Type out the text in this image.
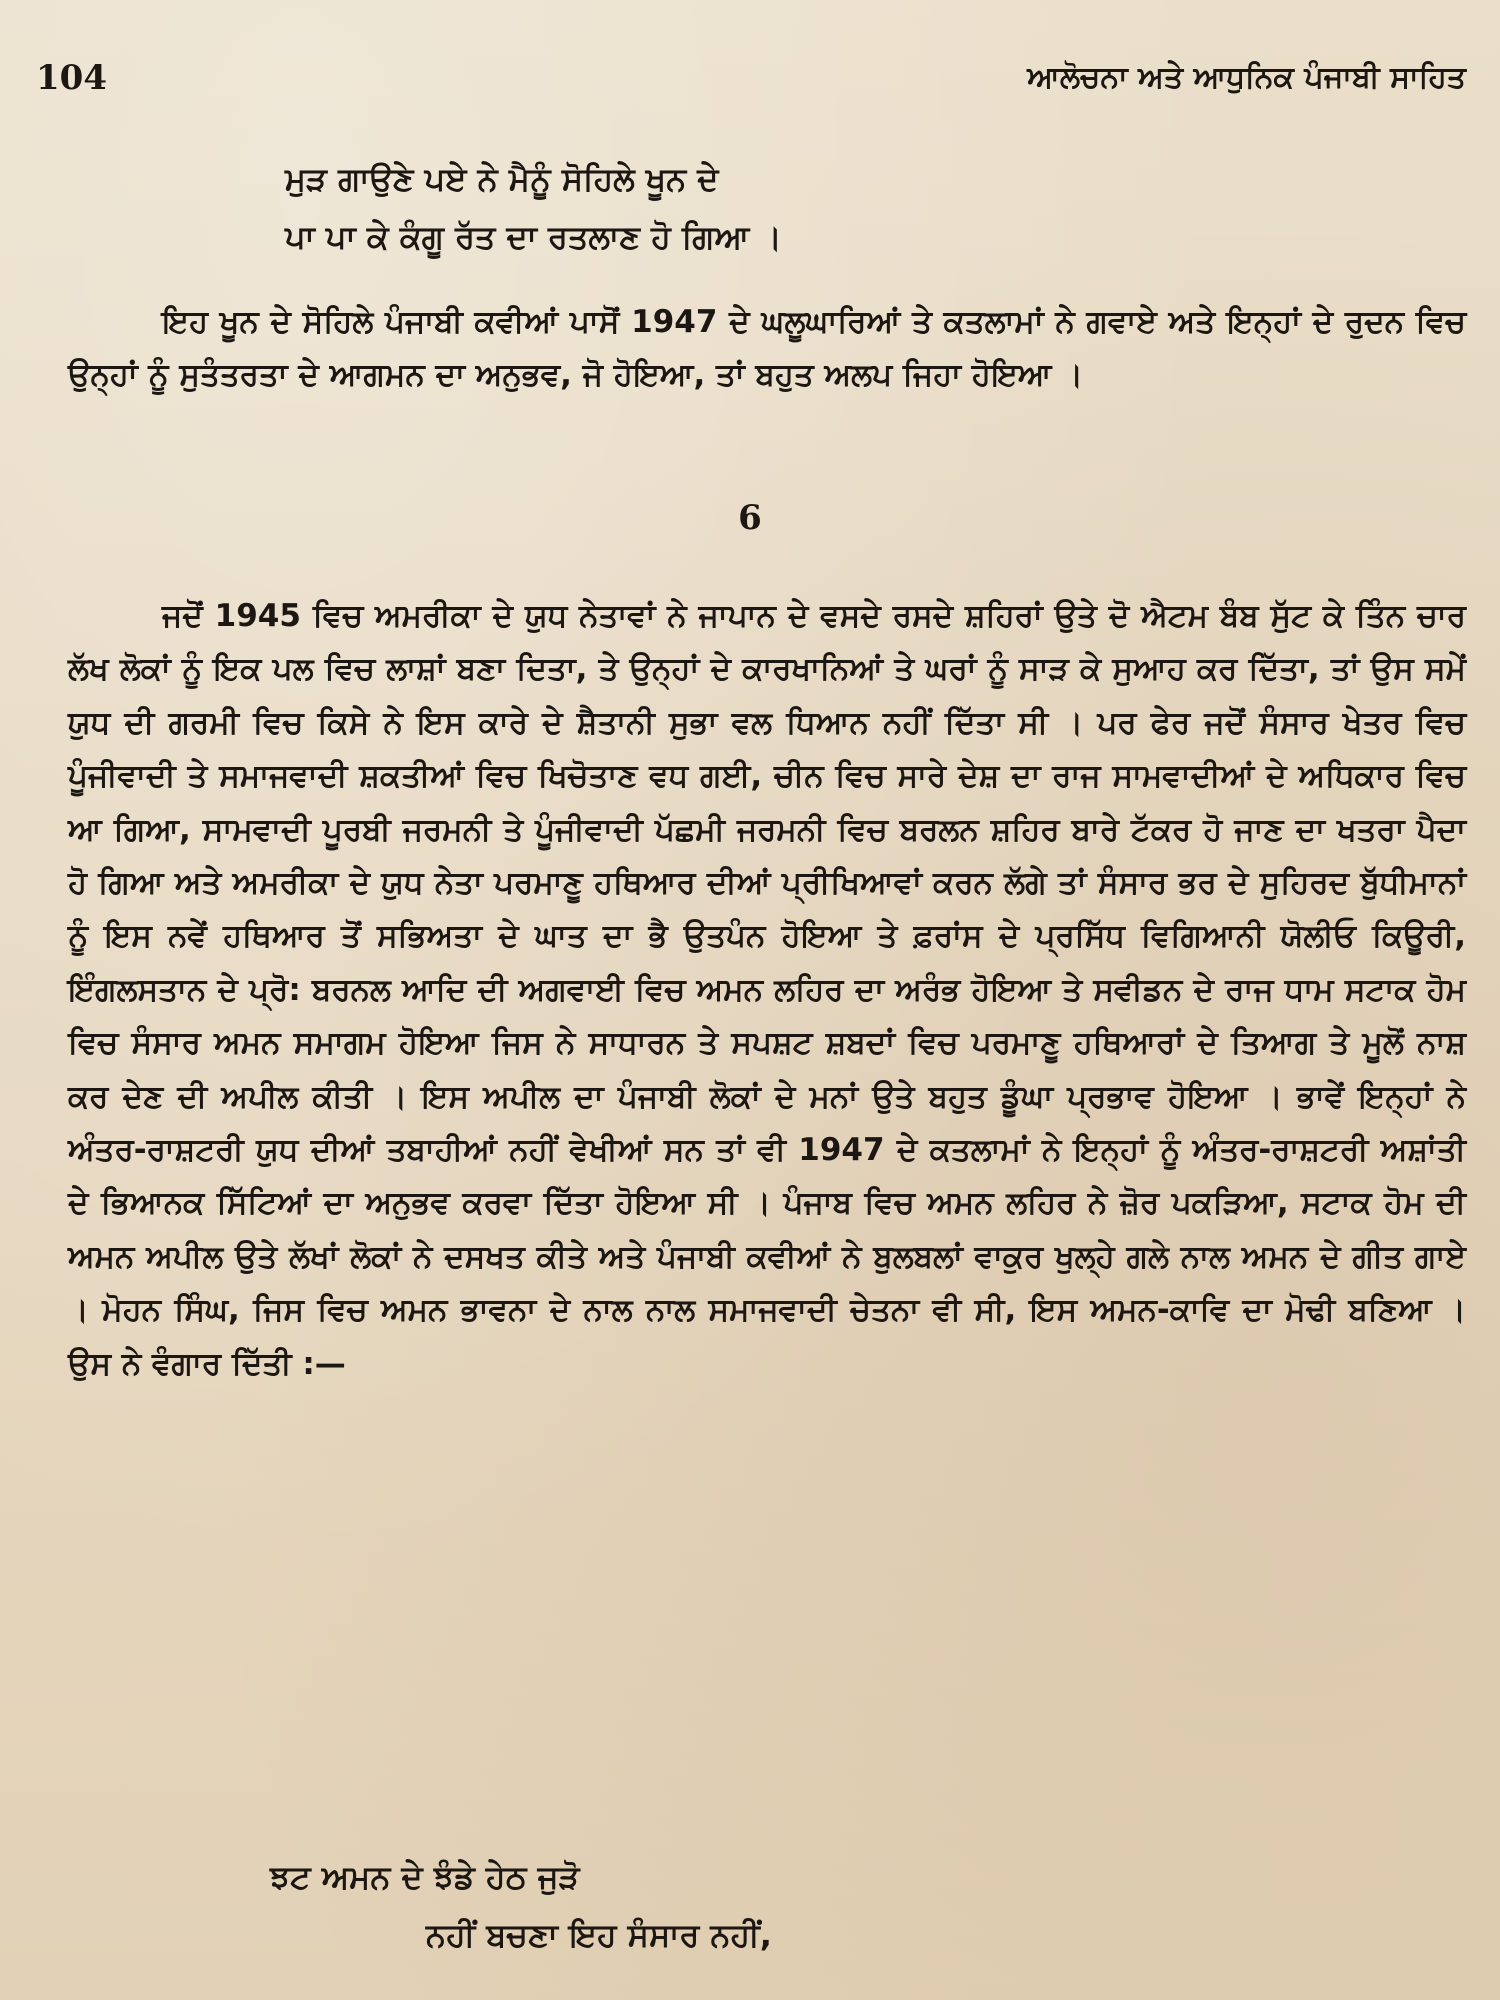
104	ਆਲੋਚਨਾ ਅਤੇ ਆਧੁਨਿਕ ਪੰਜਾਬੀ ਸਾਹਿਤ
ਮੁੜ ਗਾਉਣੇ ਪਏ ਨੇ ਮੈਨੂੰ ਸੋਹਿਲੇ ਖੂਨ ਦੇ
ਪਾ ਪਾ ਕੇ ਕੰਗੂ ਰੱਤ ਦਾ ਰਤਲਾਣ ਹੋ ਗਿਆ ।

ਇਹ ਖੂਨ ਦੇ ਸੋਹਿਲੇ ਪੰਜਾਬੀ ਕਵੀਆਂ ਪਾਸੋਂ 1947 ਦੇ ਘਲੂਘਾਰਿਆਂ ਤੇ ਕਤਲਾਮਾਂ ਨੇ ਗਵਾਏ ਅਤੇ ਇਨ੍ਹਾਂ ਦੇ ਰੁਦਨ ਵਿਚ ਉਨ੍ਹਾਂ ਨੂੰ ਸੁਤੰਤਰਤਾ ਦੇ ਆਗਮਨ ਦਾ ਅਨੁਭਵ, ਜੋ ਹੋਇਆ, ਤਾਂ ਬਹੁਤ ਅਲਪ ਜਿਹਾ ਹੋਇਆ ।

6

ਜਦੋਂ 1945 ਵਿਚ ਅਮਰੀਕਾ ਦੇ ਯੁਧ ਨੇਤਾਵਾਂ ਨੇ ਜਾਪਾਨ ਦੇ ਵਸਦੇ ਰਸਦੇ ਸ਼ਹਿਰਾਂ ਉਤੇ ਦੋ ਐਟਮ ਬੰਬ ਸੁੱਟ ਕੇ ਤਿੰਨ ਚਾਰ ਲੱਖ ਲੋਕਾਂ ਨੂੰ ਇਕ ਪਲ ਵਿਚ ਲਾਸ਼ਾਂ ਬਣਾ ਦਿਤਾ, ਤੇ ਉਨ੍ਹਾਂ ਦੇ ਕਾਰਖਾਨਿਆਂ ਤੇ ਘਰਾਂ ਨੂੰ ਸਾੜ ਕੇ ਸੁਆਹ ਕਰ ਦਿੱਤਾ, ਤਾਂ ਉਸ ਸਮੇਂ ਯੁਧ ਦੀ ਗਰਮੀ ਵਿਚ ਕਿਸੇ ਨੇ ਇਸ ਕਾਰੇ ਦੇ ਸ਼ੈਤਾਨੀ ਸੁਭਾ ਵਲ ਧਿਆਨ ਨਹੀਂ ਦਿੱਤਾ ਸੀ । ਪਰ ਫੇਰ ਜਦੋਂ ਸੰਸਾਰ ਖੇਤਰ ਵਿਚ ਪੂੰਜੀਵਾਦੀ ਤੇ ਸਮਾਜਵਾਦੀ ਸ਼ਕਤੀਆਂ ਵਿਚ ਖਿਚੋਤਾਣ ਵਧ ਗਈ, ਚੀਨ ਵਿਚ ਸਾਰੇ ਦੇਸ਼ ਦਾ ਰਾਜ ਸਾਮਵਾਦੀਆਂ ਦੇ ਅਧਿਕਾਰ ਵਿਚ ਆ ਗਿਆ, ਸਾਮਵਾਦੀ ਪੂਰਬੀ ਜਰਮਨੀ ਤੇ ਪੂੰਜੀਵਾਦੀ ਪੱਛਮੀ ਜਰਮਨੀ ਵਿਚ ਬਰਲਨ ਸ਼ਹਿਰ ਬਾਰੇ ਟੱਕਰ ਹੋ ਜਾਣ ਦਾ ਖਤਰਾ ਪੈਦਾ ਹੋ ਗਿਆ ਅਤੇ ਅਮਰੀਕਾ ਦੇ ਯੁਧ ਨੇਤਾ ਪਰਮਾਣੂ ਹਥਿਆਰ ਦੀਆਂ ਪ੍ਰੀਖਿਆਵਾਂ ਕਰਨ ਲੱਗੇ ਤਾਂ ਸੰਸਾਰ ਭਰ ਦੇ ਸੁਹਿਰਦ ਬੁੱਧੀਮਾਨਾਂ ਨੂੰ ਇਸ ਨਵੇਂ ਹਥਿਆਰ ਤੋਂ ਸਭਿਅਤਾ ਦੇ ਘਾਤ ਦਾ ਭੈ ਉਤਪੰਨ ਹੋਇਆ ਤੇ ਫ਼ਰਾਂਸ ਦੇ ਪ੍ਰਸਿੱਧ ਵਿਗਿਆਨੀ ਯੋਲੀਓ ਕਿਊਰੀ, ਇੰਗਲਸਤਾਨ ਦੇ ਪ੍ਰੋ: ਬਰਨਲ ਆਦਿ ਦੀ ਅਗਵਾਈ ਵਿਚ ਅਮਨ ਲਹਿਰ ਦਾ ਅਰੰਭ ਹੋਇਆ ਤੇ ਸਵੀਡਨ ਦੇ ਰਾਜ ਧਾਮ ਸਟਾਕ ਹੋਮ ਵਿਚ ਸੰਸਾਰ ਅਮਨ ਸਮਾਗਮ ਹੋਇਆ ਜਿਸ ਨੇ ਸਾਧਾਰਨ ਤੇ ਸਪਸ਼ਟ ਸ਼ਬਦਾਂ ਵਿਚ ਪਰਮਾਣੂ ਹਥਿਆਰਾਂ ਦੇ ਤਿਆਗ ਤੇ ਮੂਲੋਂ ਨਾਸ਼ ਕਰ ਦੇਣ ਦੀ ਅਪੀਲ ਕੀਤੀ । ਇਸ ਅਪੀਲ ਦਾ ਪੰਜਾਬੀ ਲੋਕਾਂ ਦੇ ਮਨਾਂ ਉਤੇ ਬਹੁਤ ਡੂੰਘਾ ਪ੍ਰਭਾਵ ਹੋਇਆ । ਭਾਵੇਂ ਇਨ੍ਹਾਂ ਨੇ ਅੰਤਰ-ਰਾਸ਼ਟਰੀ ਯੁਧ ਦੀਆਂ ਤਬਾਹੀਆਂ ਨਹੀਂ ਵੇਖੀਆਂ ਸਨ ਤਾਂ ਵੀ 1947 ਦੇ ਕਤਲਾਮਾਂ ਨੇ ਇਨ੍ਹਾਂ ਨੂੰ ਅੰਤਰ-ਰਾਸ਼ਟਰੀ ਅਸ਼ਾਂਤੀ ਦੇ ਭਿਆਨਕ ਸਿੱਟਿਆਂ ਦਾ ਅਨੁਭਵ ਕਰਵਾ ਦਿੱਤਾ ਹੋਇਆ ਸੀ । ਪੰਜਾਬ ਵਿਚ ਅਮਨ ਲਹਿਰ ਨੇ ਜ਼ੋਰ ਪਕੜਿਆ, ਸਟਾਕ ਹੋਮ ਦੀ ਅਮਨ ਅਪੀਲ ਉਤੇ ਲੱਖਾਂ ਲੋਕਾਂ ਨੇ ਦਸਖਤ ਕੀਤੇ ਅਤੇ ਪੰਜਾਬੀ ਕਵੀਆਂ ਨੇ ਬੁਲਬਲਾਂ ਵਾਕੁਰ ਖੁਲ੍ਹੇ ਗਲੇ ਨਾਲ ਅਮਨ ਦੇ ਗੀਤ ਗਾਏ । ਮੋਹਨ ਸਿੰਘ, ਜਿਸ ਵਿਚ ਅਮਨ ਭਾਵਨਾ ਦੇ ਨਾਲ ਨਾਲ ਸਮਾਜਵਾਦੀ ਚੇਤਨਾ ਵੀ ਸੀ, ਇਸ ਅਮਨ-ਕਾਵਿ ਦਾ ਮੋਢੀ ਬਣਿਆ । ਉਸ ਨੇ ਵੰਗਾਰ ਦਿੱਤੀ :—

ਝਟ ਅਮਨ ਦੇ ਝੰਡੇ ਹੇਠ ਜੁੜੋ
ਨਹੀਂ ਬਚਣਾ ਇਹ ਸੰਸਾਰ ਨਹੀਂ,
